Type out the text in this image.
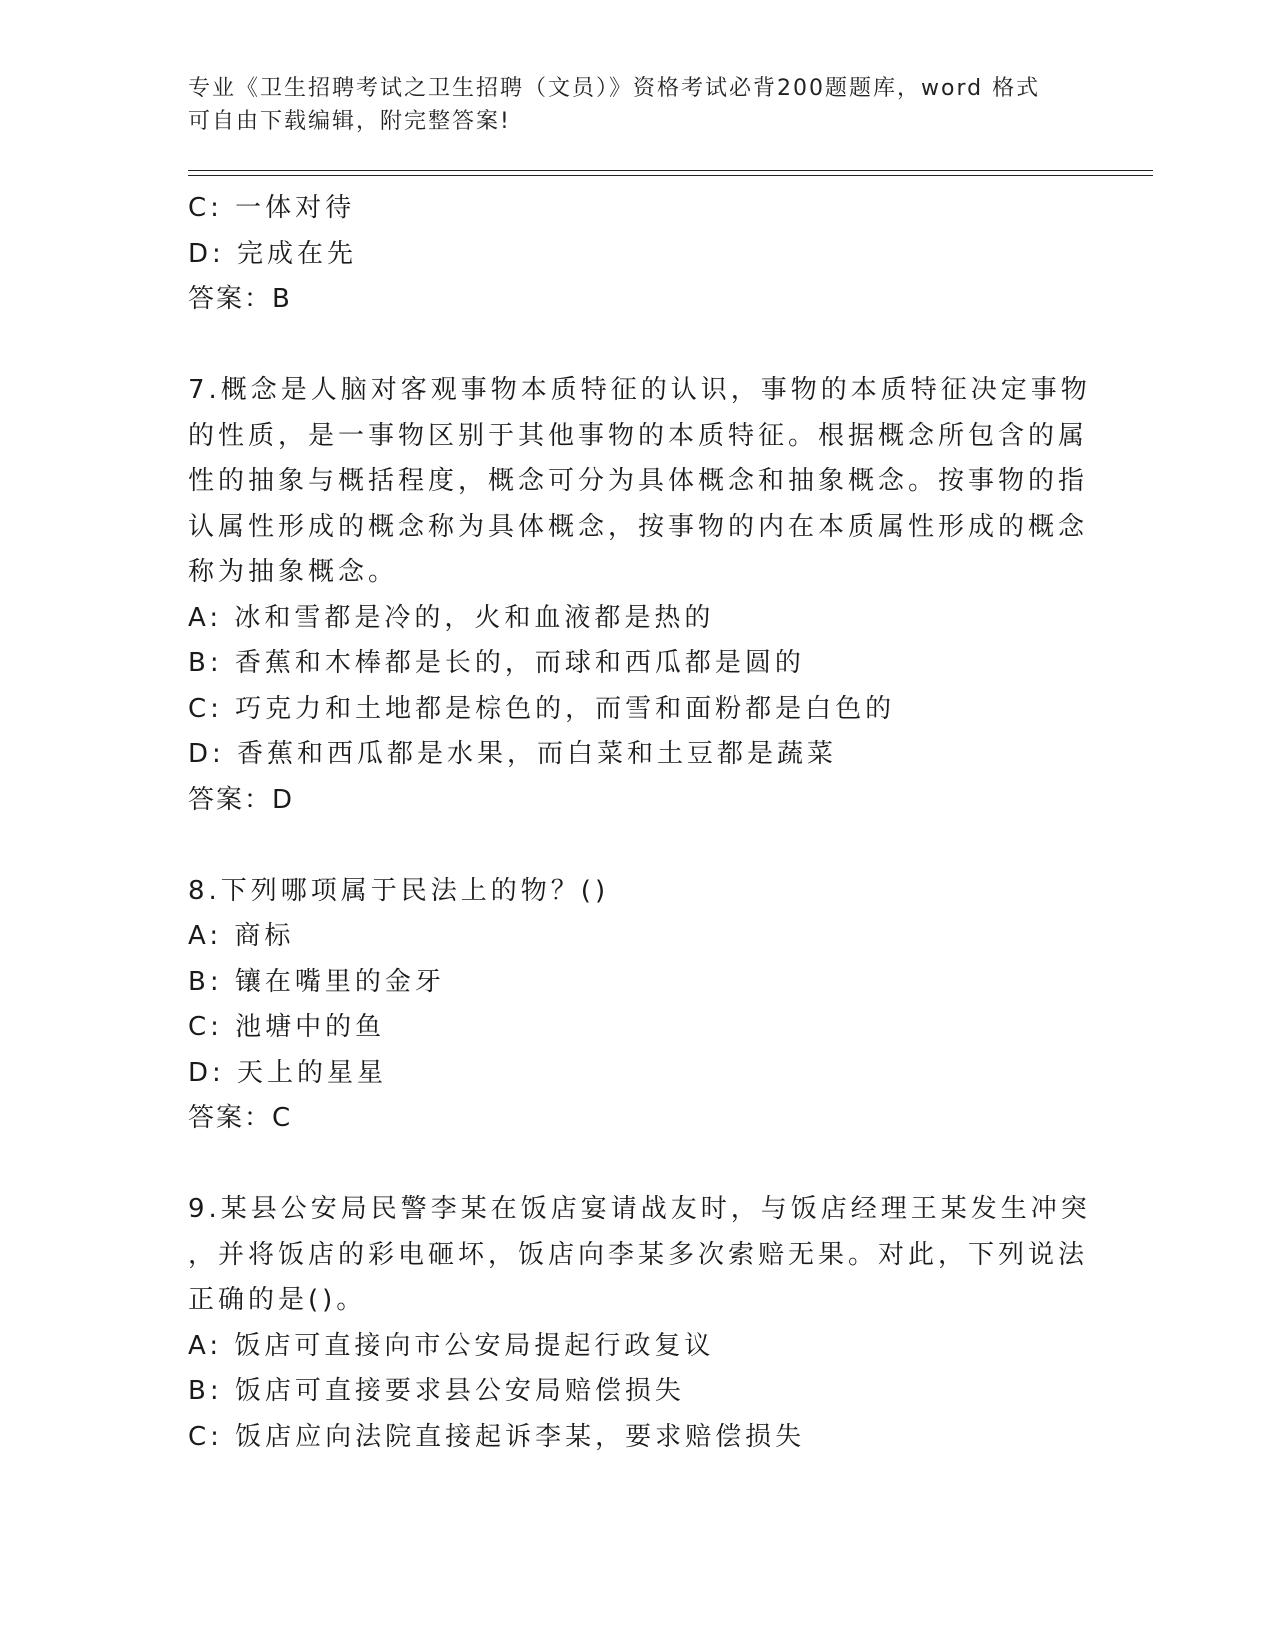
专业《卫生招聘考试之卫生招聘（文员）》资格考试必背200题题库，word 格式

可自由下载编辑，附完整答案!

C: 一体对待
D: 完成在先
答案：B
7.概念是人脑对客观事物本质特征的认识，事物的本质特征决定事物
的性质，是一事物区别于其他事物的本质特征。根据概念所包含的属
性的抽象与概括程度，概念可分为具体概念和抽象概念。按事物的指
认属性形成的概念称为具体概念，按事物的内在本质属性形成的概念
称为抽象概念。
A: 冰和雪都是冷的，火和血液都是热的
B: 香蕉和木棒都是长的，而球和西瓜都是圆的
C: 巧克力和土地都是棕色的，而雪和面粉都是白色的
D: 香蕉和西瓜都是水果，而白菜和土豆都是蔬菜
答案：D
8.下列哪项属于民法上的物？()
A: 商标
B: 镶在嘴里的金牙
C: 池塘中的鱼
D: 天上的星星
答案：C
9.某县公安局民警李某在饭店宴请战友时，与饭店经理王某发生冲突
，并将饭店的彩电砸坏，饭店向李某多次索赔无果。对此，下列说法
正确的是()。
A: 饭店可直接向市公安局提起行政复议
B: 饭店可直接要求县公安局赔偿损失
C: 饭店应向法院直接起诉李某，要求赔偿损失
